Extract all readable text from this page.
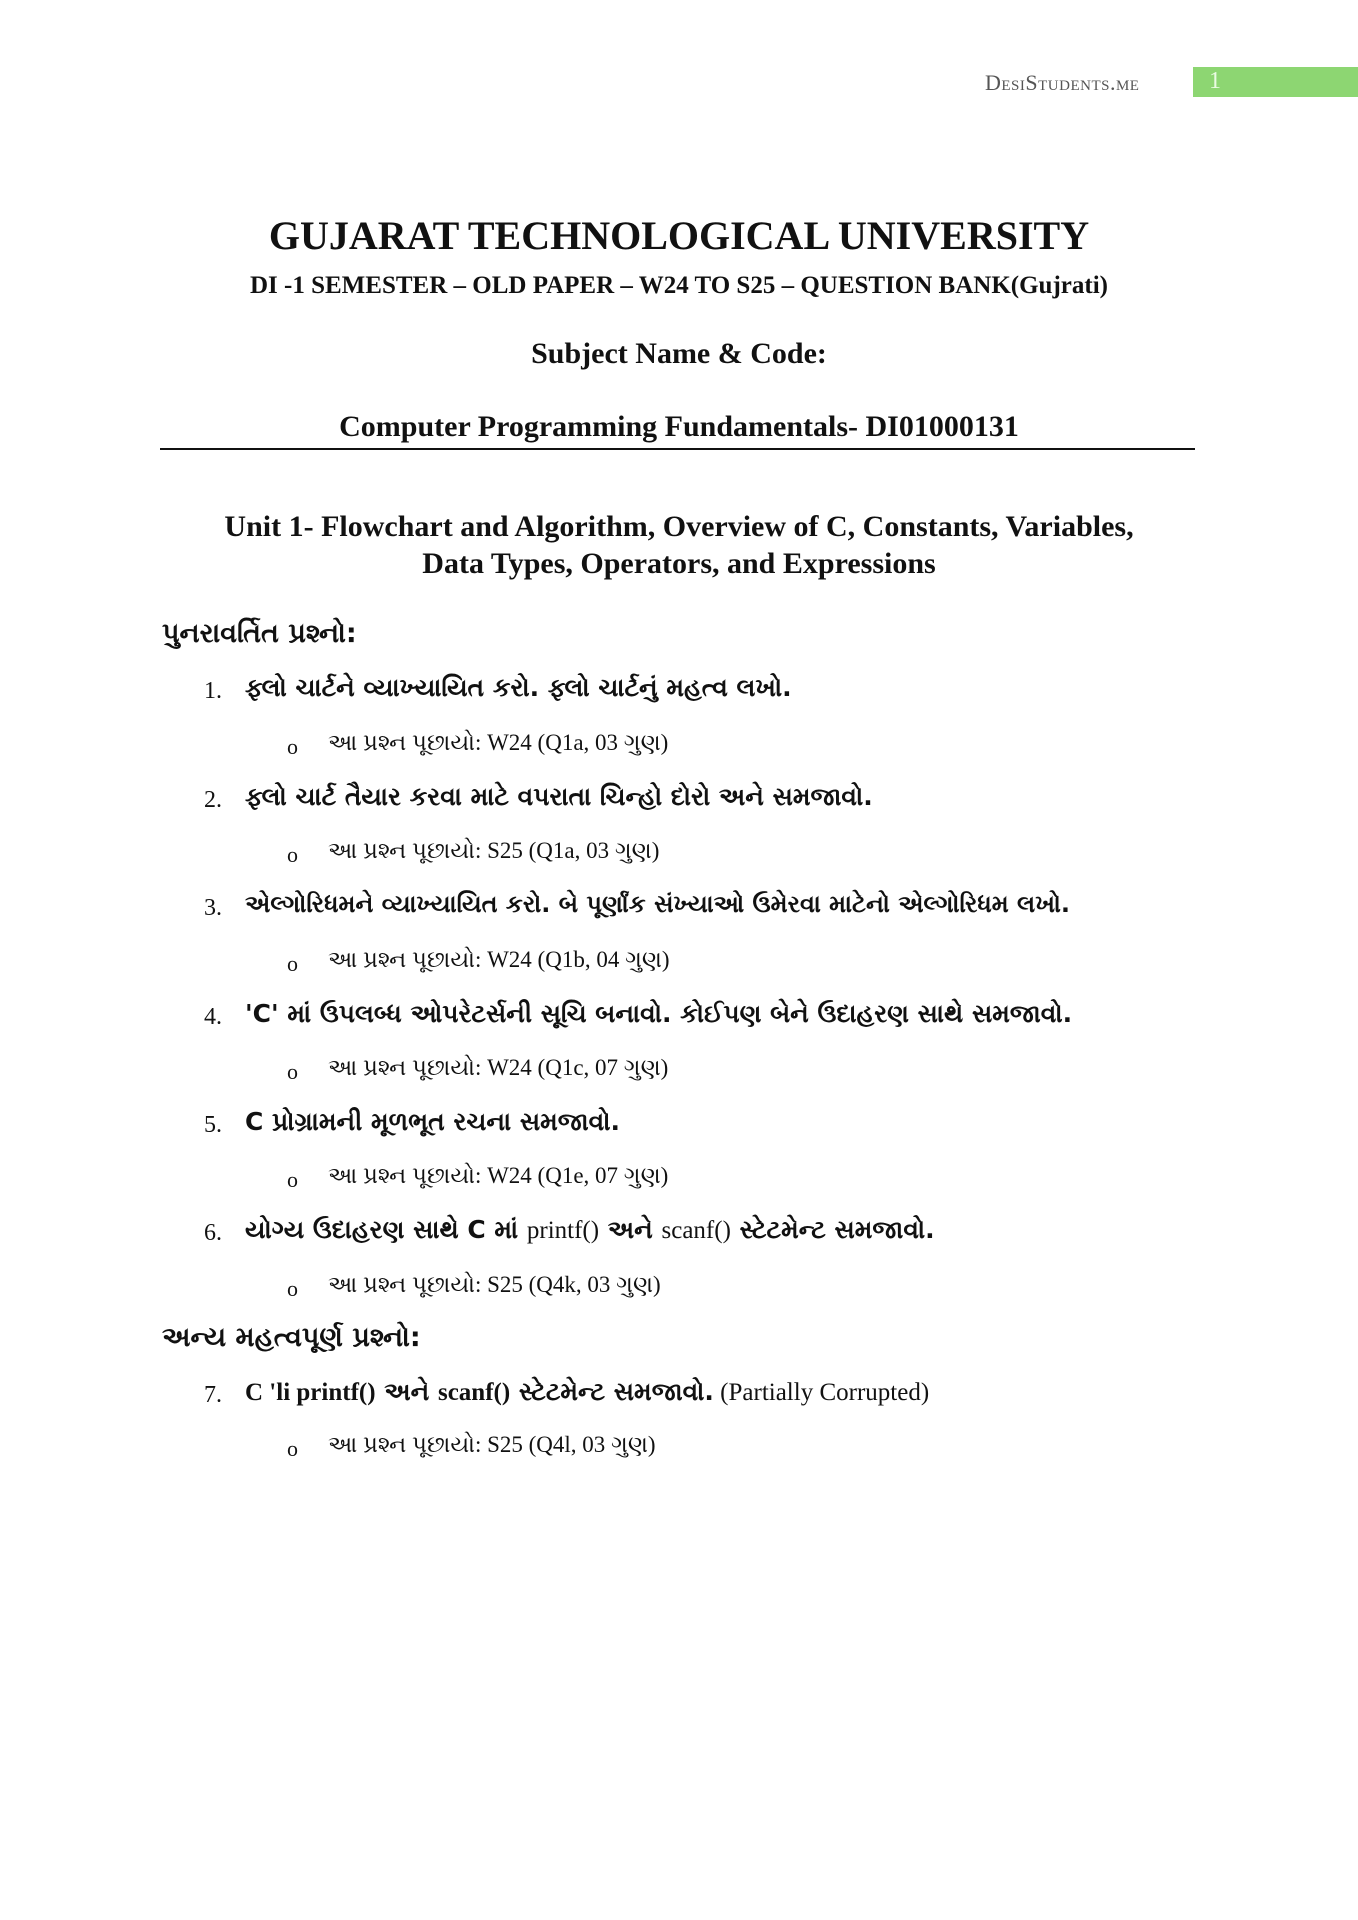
DesiStudents.me	1
GUJARAT TECHNOLOGICAL UNIVERSITY
DI -1 SEMESTER – OLD PAPER – W24 TO S25 – QUESTION BANK(Gujrati)
Subject Name & Code:
Computer Programming Fundamentals- DI01000131
Unit 1- Flowchart and Algorithm, Overview of C, Constants, Variables,
Data Types, Operators, and Expressions
પુનરાવર્તિત પ્રશ્નો:
1. ફ્લો ચાર્ટને વ્યાખ્યાયિત કરો. ફ્લો ચાર્ટનું મહત્વ લખો.
o આ પ્રશ્ન પૂછાયો: W24 (Q1a, 03 ગુણ)
2. ફ્લો ચાર્ટ તૈયાર કરવા માટે વપરાતા ચિન્હો દોરો અને સમજાવો.
o આ પ્રશ્ન પૂછાયો: S25 (Q1a, 03 ગુણ)
3. એલ્ગોરિધમને વ્યાખ્યાયિત કરો. બે પૂર્ણાંક સંખ્યાઓ ઉમેરવા માટેનો એલ્ગોરિધમ લખો.
o આ પ્રશ્ન પૂછાયો: W24 (Q1b, 04 ગુણ)
4. 'C' માં ઉપલબ્ધ ઓપરેટર્સની સૂચિ બનાવો. કોઈપણ બેને ઉદાહરણ સાથે સમજાવો.
o આ પ્રશ્ન પૂછાયો: W24 (Q1c, 07 ગુણ)
5. C પ્રોગ્રામની મૂળભૂત રચના સમજાવો.
o આ પ્રશ્ન પૂછાયો: W24 (Q1e, 07 ગુણ)
6. યોગ્ય ઉદાહરણ સાથે C માં printf() અને scanf() સ્ટેટમેન્ટ સમજાવો.
o આ પ્રશ્ન પૂછાયો: S25 (Q4k, 03 ગુણ)
અન્ય મહત્વપૂર્ણ પ્રશ્નો:
7. C 'li printf() અને scanf() સ્ટેટમેન્ટ સમજાવો. (Partially Corrupted)
o આ પ્રશ્ન પૂછાયો: S25 (Q4l, 03 ગુણ)
